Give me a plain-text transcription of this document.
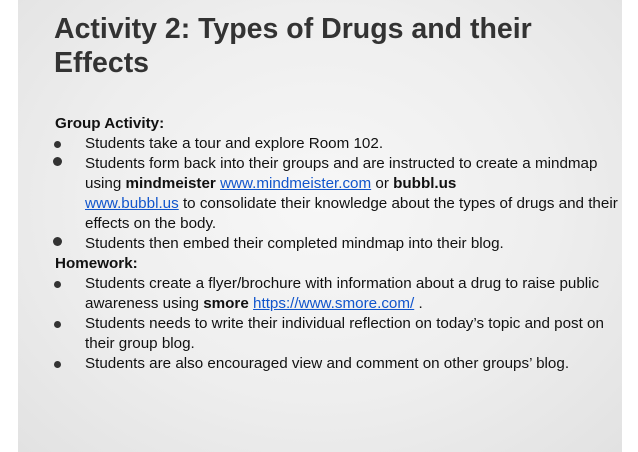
Activity 2: Types of Drugs and their Effects
Group Activity:
Students take a tour and explore Room 102.
Students form back into their groups and are instructed to create a mindmap using mindmeister www.mindmeister.com or bubbl.us
www.bubbl.us to consolidate their knowledge about the types of drugs and their effects on the body.
Students then embed their completed mindmap into their blog.
Homework:
Students create a flyer/brochure with information about a drug to raise public awareness using smore https://www.smore.com/ .
Students needs to write their individual reflection on today’s topic and post on their group blog.
Students are also encouraged view and comment on other groups’ blog.
